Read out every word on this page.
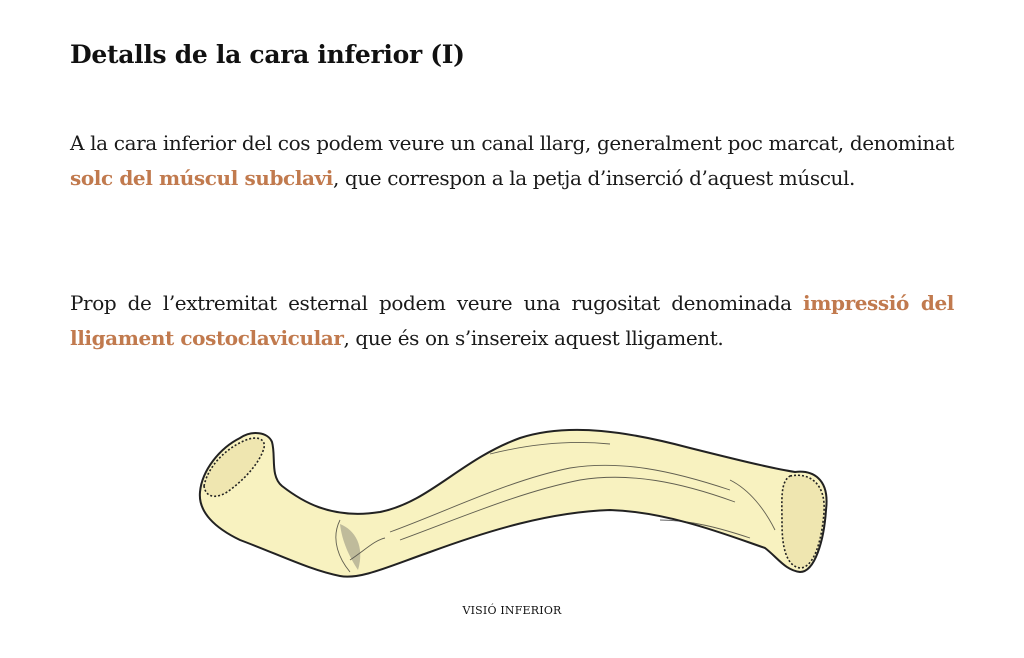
Detalls de la cara inferior (I)

A la cara inferior del cos podem veure un canal llarg, generalment poc marcat, denominat solc del múscul subclavi, que correspon a la petja d’inserció d’aquest múscul.

Prop de l’extremitat esternal podem veure una rugositat denominada impressió del lligament costoclavicular, que és on s’insereix aquest lligament.

VISIÓ INFERIOR
